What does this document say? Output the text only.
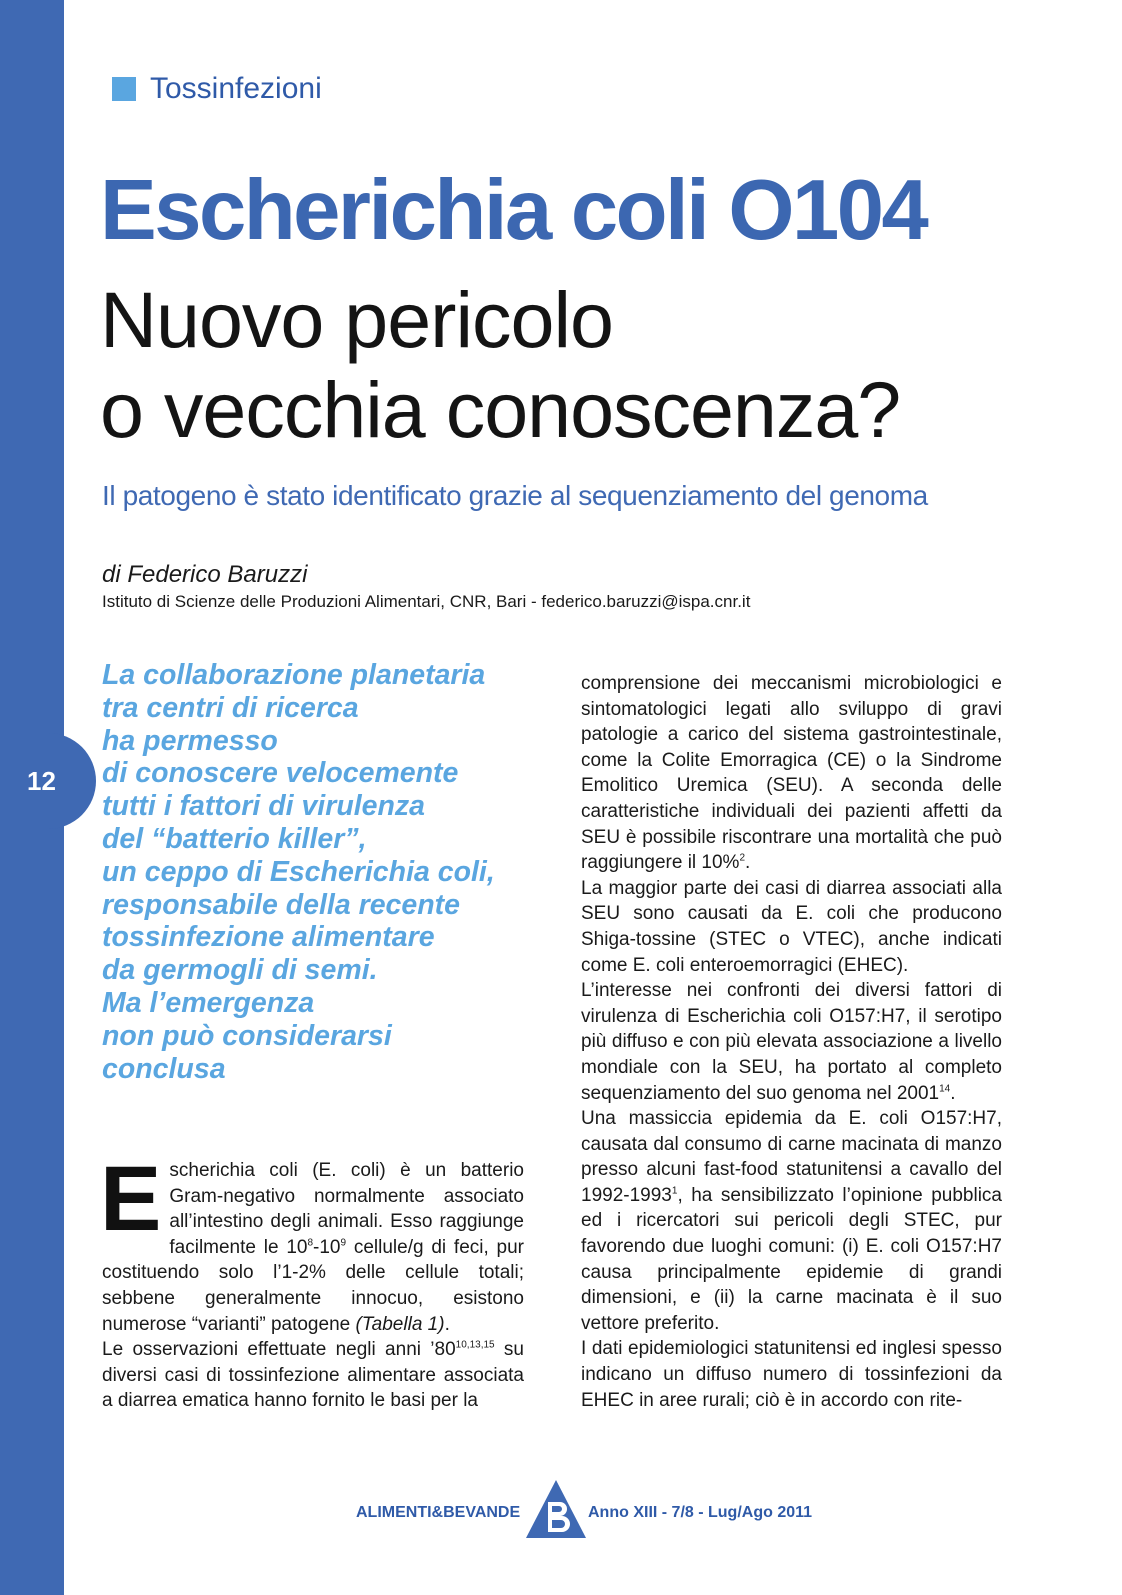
12
Tossinfezioni
Escherichia coli O104
Nuovo pericolo
o vecchia conoscenza?
Il patogeno è stato identificato grazie al sequenziamento del genoma
di Federico Baruzzi
Istituto di Scienze delle Produzioni Alimentari, CNR, Bari - federico.baruzzi@ispa.cnr.it
La collaborazione planetaria
tra centri di ricerca
ha permesso
di conoscere velocemente
tutti i fattori di virulenza
del “batterio killer”,
un ceppo di Escherichia coli,
responsabile della recente
tossinfezione alimentare
da germogli di semi.
Ma l’emergenza
non può considerarsi
conclusa

Escherichia coli (E. coli) è un batterio Gram-negativo normalmente associato all’intestino degli animali. Esso raggiunge facilmente le $10^8-10^9$ cellule/g di feci, pur costituendo solo l’1-2% delle cellule totali; sebbene generalmente innocuo, esistono numerose “varianti” patogene (Tabella 1).

Le osservazioni effettuate negli anni ’80$^{10,13,15}$ su diversi casi di tossinfezione alimentare associata a diarrea ematica hanno fornito le basi per la

comprensione dei meccanismi microbiologici e sintomatologici legati allo sviluppo di gravi patologie a carico del sistema gastrointestinale, come la Colite Emorragica (CE) o la Sindrome Emolitico Uremica (SEU). A seconda delle caratteristiche individuali dei pazienti affetti da SEU è possibile riscontrare una mortalità che può raggiungere il 10%$^2$.

La maggior parte dei casi di diarrea associati alla SEU sono causati da E. coli che producono Shiga-tossine (STEC o VTEC), anche indicati come E. coli enteroemorragici (EHEC).

L’interesse nei confronti dei diversi fattori di virulenza di Escherichia coli O157:H7, il serotipo più diffuso e con più elevata associazione a livello mondiale con la SEU, ha portato al completo sequenziamento del suo genoma nel 2001$^{14}$.

Una massiccia epidemia da E. coli O157:H7, causata dal consumo di carne macinata di manzo presso alcuni fast-food statunitensi a cavallo del 1992-1993$^1$, ha sensibilizzato l’opinione pubblica ed i ricercatori sui pericoli degli STEC, pur favorendo due luoghi comuni: (i) E. coli O157:H7 causa principalmente epidemie di grandi dimensioni, e (ii) la carne macinata è il suo vettore preferito.

I dati epidemiologici statunitensi ed inglesi spesso indicano un diffuso numero di tossinfezioni da EHEC in aree rurali; ciò è in accordo con rite-

ALIMENTI&BEVANDE	Anno XIII - 7/8 - Lug/Ago 2011
